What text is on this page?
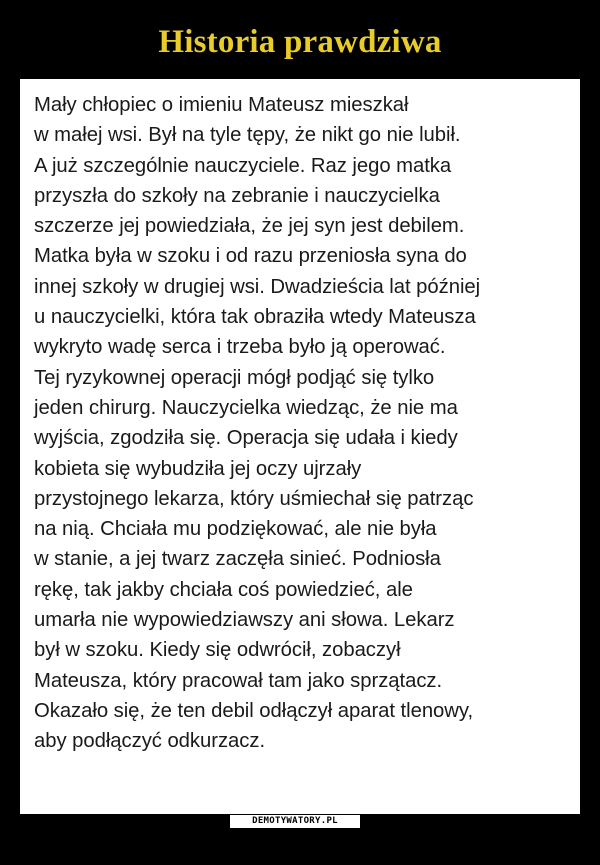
Historia prawdziwa
Mały chłopiec o imieniu Mateusz mieszkał
w małej wsi. Był na tyle tępy, że nikt go nie lubił.
A już szczególnie nauczyciele. Raz jego matka
przyszła do szkoły na zebranie i nauczycielka
szczerze jej powiedziała, że jej syn jest debilem.
Matka była w szoku i od razu przeniosła syna do
innej szkoły w drugiej wsi. Dwadzieścia lat później
u nauczycielki, która tak obraziła wtedy Mateusza
wykryto wadę serca i trzeba było ją operować.
Tej ryzykownej operacji mógł podjąć się tylko
jeden chirurg. Nauczycielka wiedząc, że nie ma
wyjścia, zgodziła się. Operacja się udała i kiedy
kobieta się wybudziła jej oczy ujrzały
przystojnego lekarza, który uśmiechał się patrząc
na nią. Chciała mu podziękować, ale nie była
w stanie, a jej twarz zaczęła sinieć. Podniosła
rękę, tak jakby chciała coś powiedzieć, ale
umarła nie wypowiedziawszy ani słowa. Lekarz
był w szoku. Kiedy się odwrócił, zobaczył
Mateusza, który pracował tam jako sprzątacz.
Okazało się, że ten debil odłączył aparat tlenowy,
aby podłączyć odkurzacz.
DEMOTYWATORY.PL
